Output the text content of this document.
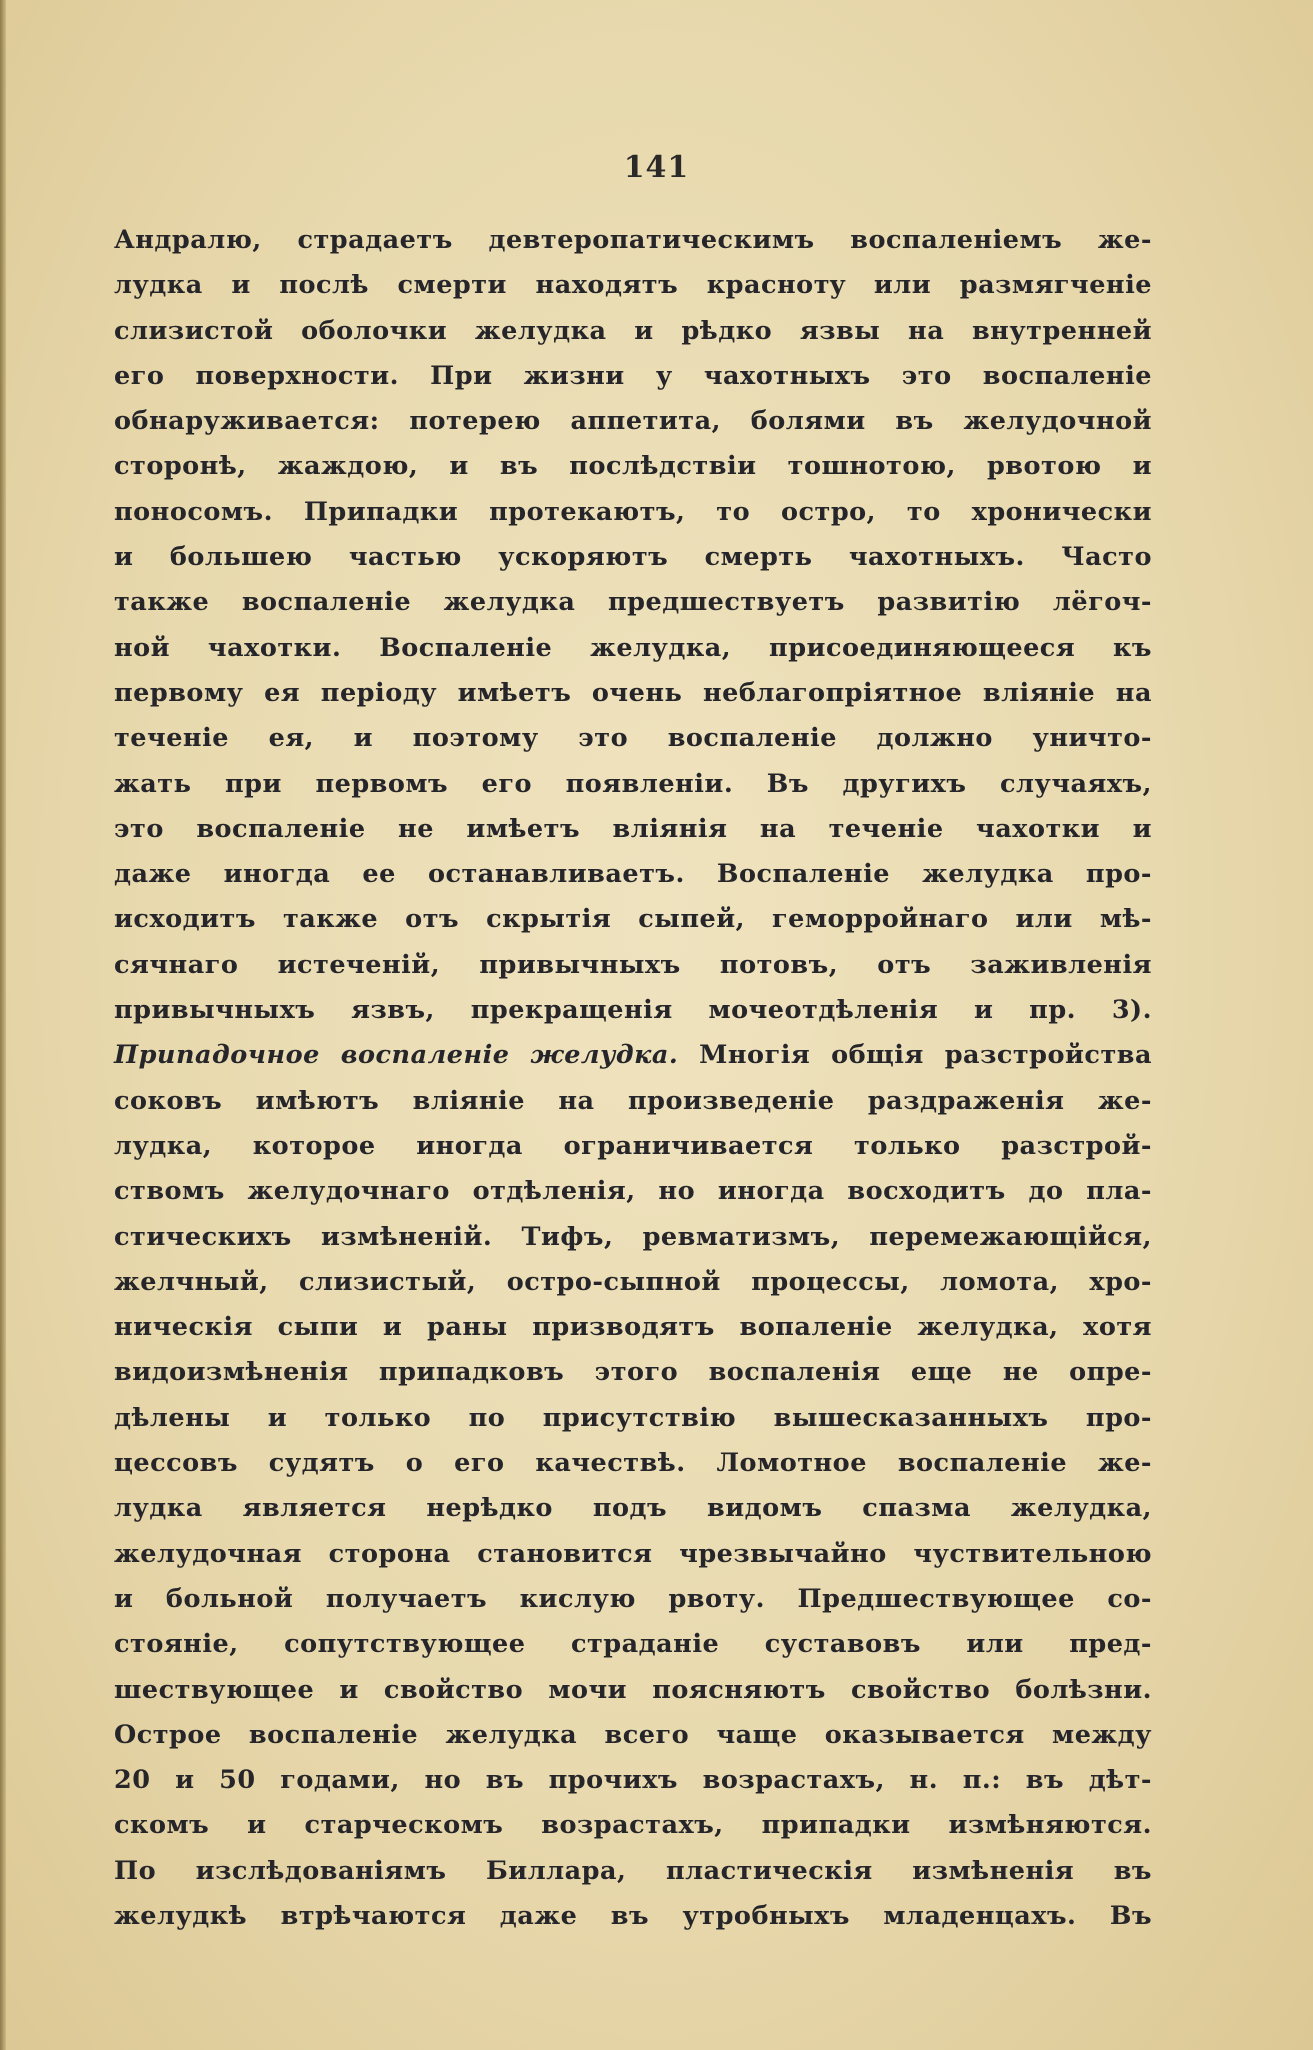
141
Андралю, страдаетъ девтеропатическимъ воспаленіемъ же-
лудка и послѣ смерти находятъ краснотy или размягченіе
слизистой оболочки желудка и рѣдко язвы на внутренней
его поверхности. При жизни у чахотныхъ это воспаленіе
обнаруживается: потерею аппетита, болями въ желудочной
сторонѣ, жаждою, и въ послѣдствіи тошнотою, рвотою и
поносомъ. Припадки протекаютъ, то остро, то хронически
и большею частью ускоряютъ смерть чахотныхъ. Часто
также воспаленіе желудка предшествуетъ развитію лёгоч-
ной чахотки. Воспаленіе желудка, присоединяющееся къ
первому ея періоду имѣетъ очень неблагопріятное вліяніе на
теченіе ея, и поэтому это воспаленіе должно уничто-
жать при первомъ его появленіи. Въ другихъ случаяхъ,
это воспаленіе не имѣетъ вліянія на теченіе чахотки и
даже иногда ее останавливаетъ. Воспаленіе желудка про-
исходитъ также отъ скрытія сыпей, геморройнаго или мѣ-
сячнаго истеченій, привычныхъ потовъ, отъ заживленія
привычныхъ язвъ, прекращенія мочеотдѣленія и пр. 3).
Припадочное воспаленіе желудка. Многія общія разстройства
соковъ имѣютъ вліяніе на произведеніе раздраженія же-
лудка, которое иногда ограничивается только разстрой-
ствомъ желудочнаго отдѣленія, но иногда восходитъ до пла-
стическихъ измѣненій. Тифъ, ревматизмъ, перемежающійся,
желчный, слизистый, остро-сыпной процессы, ломота, хро-
ническія сыпи и раны призводятъ вопаленіе желудка, хотя
видоизмѣненія припадковъ этого воспаленія еще не опре-
дѣлены и только по присутствію вышесказанныхъ про-
цессовъ судятъ о его качествѣ. Ломотное воспаленіе же-
лудка является нерѣдко подъ видомъ спазма желудка,
желудочная сторона становится чрезвычайно чуствительною
и больной получаетъ кислую рвоту. Предшествующее со-
стояніе, сопутствующее страданіе суставовъ или пред-
шествующее и свойство мочи поясняютъ свойство болѣзни.
Острое воспаленіе желудка всего чаще оказывается между
20 и 50 годами, но въ прочихъ возрастахъ, н. п.: въ дѣт-
скомъ и старческомъ возрастахъ, припадки измѣняются.
По изслѣдованіямъ Биллара, пластическія измѣненія въ
желудкѣ втрѣчаются даже въ утробныхъ младенцахъ. Въ
